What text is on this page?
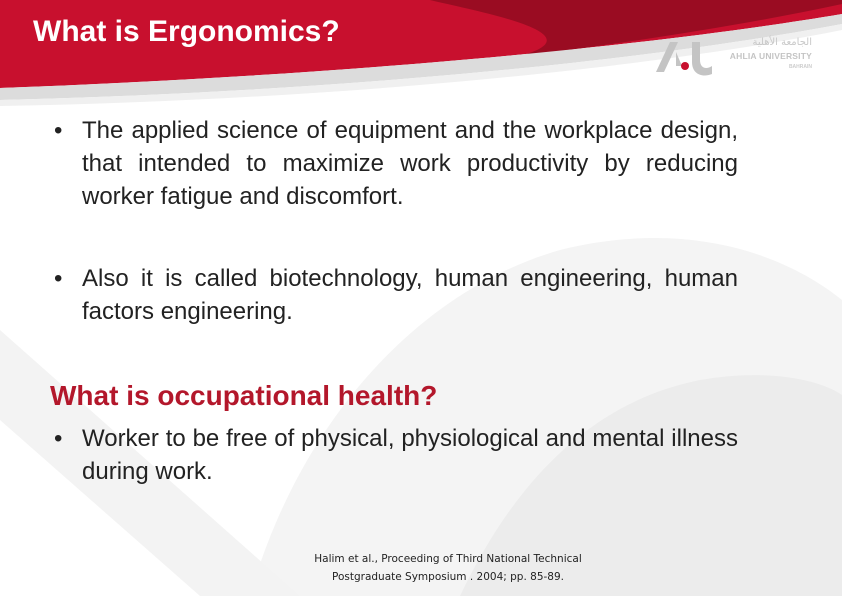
What is Ergonomics?	الجامعة الأهلية
AHLIA UNIVERSITY
BAHRAIN

• The applied science of equipment and the workplace design, that intended to maximize work productivity by reducing worker fatigue and discomfort.

• Also it is called biotechnology, human engineering, human factors engineering.

What is occupational health?

• Worker to be free of physical, physiological and mental illness during work.

Halim et al., Proceeding of Third National Technical
Postgraduate Symposium . 2004; pp. 85-89.
